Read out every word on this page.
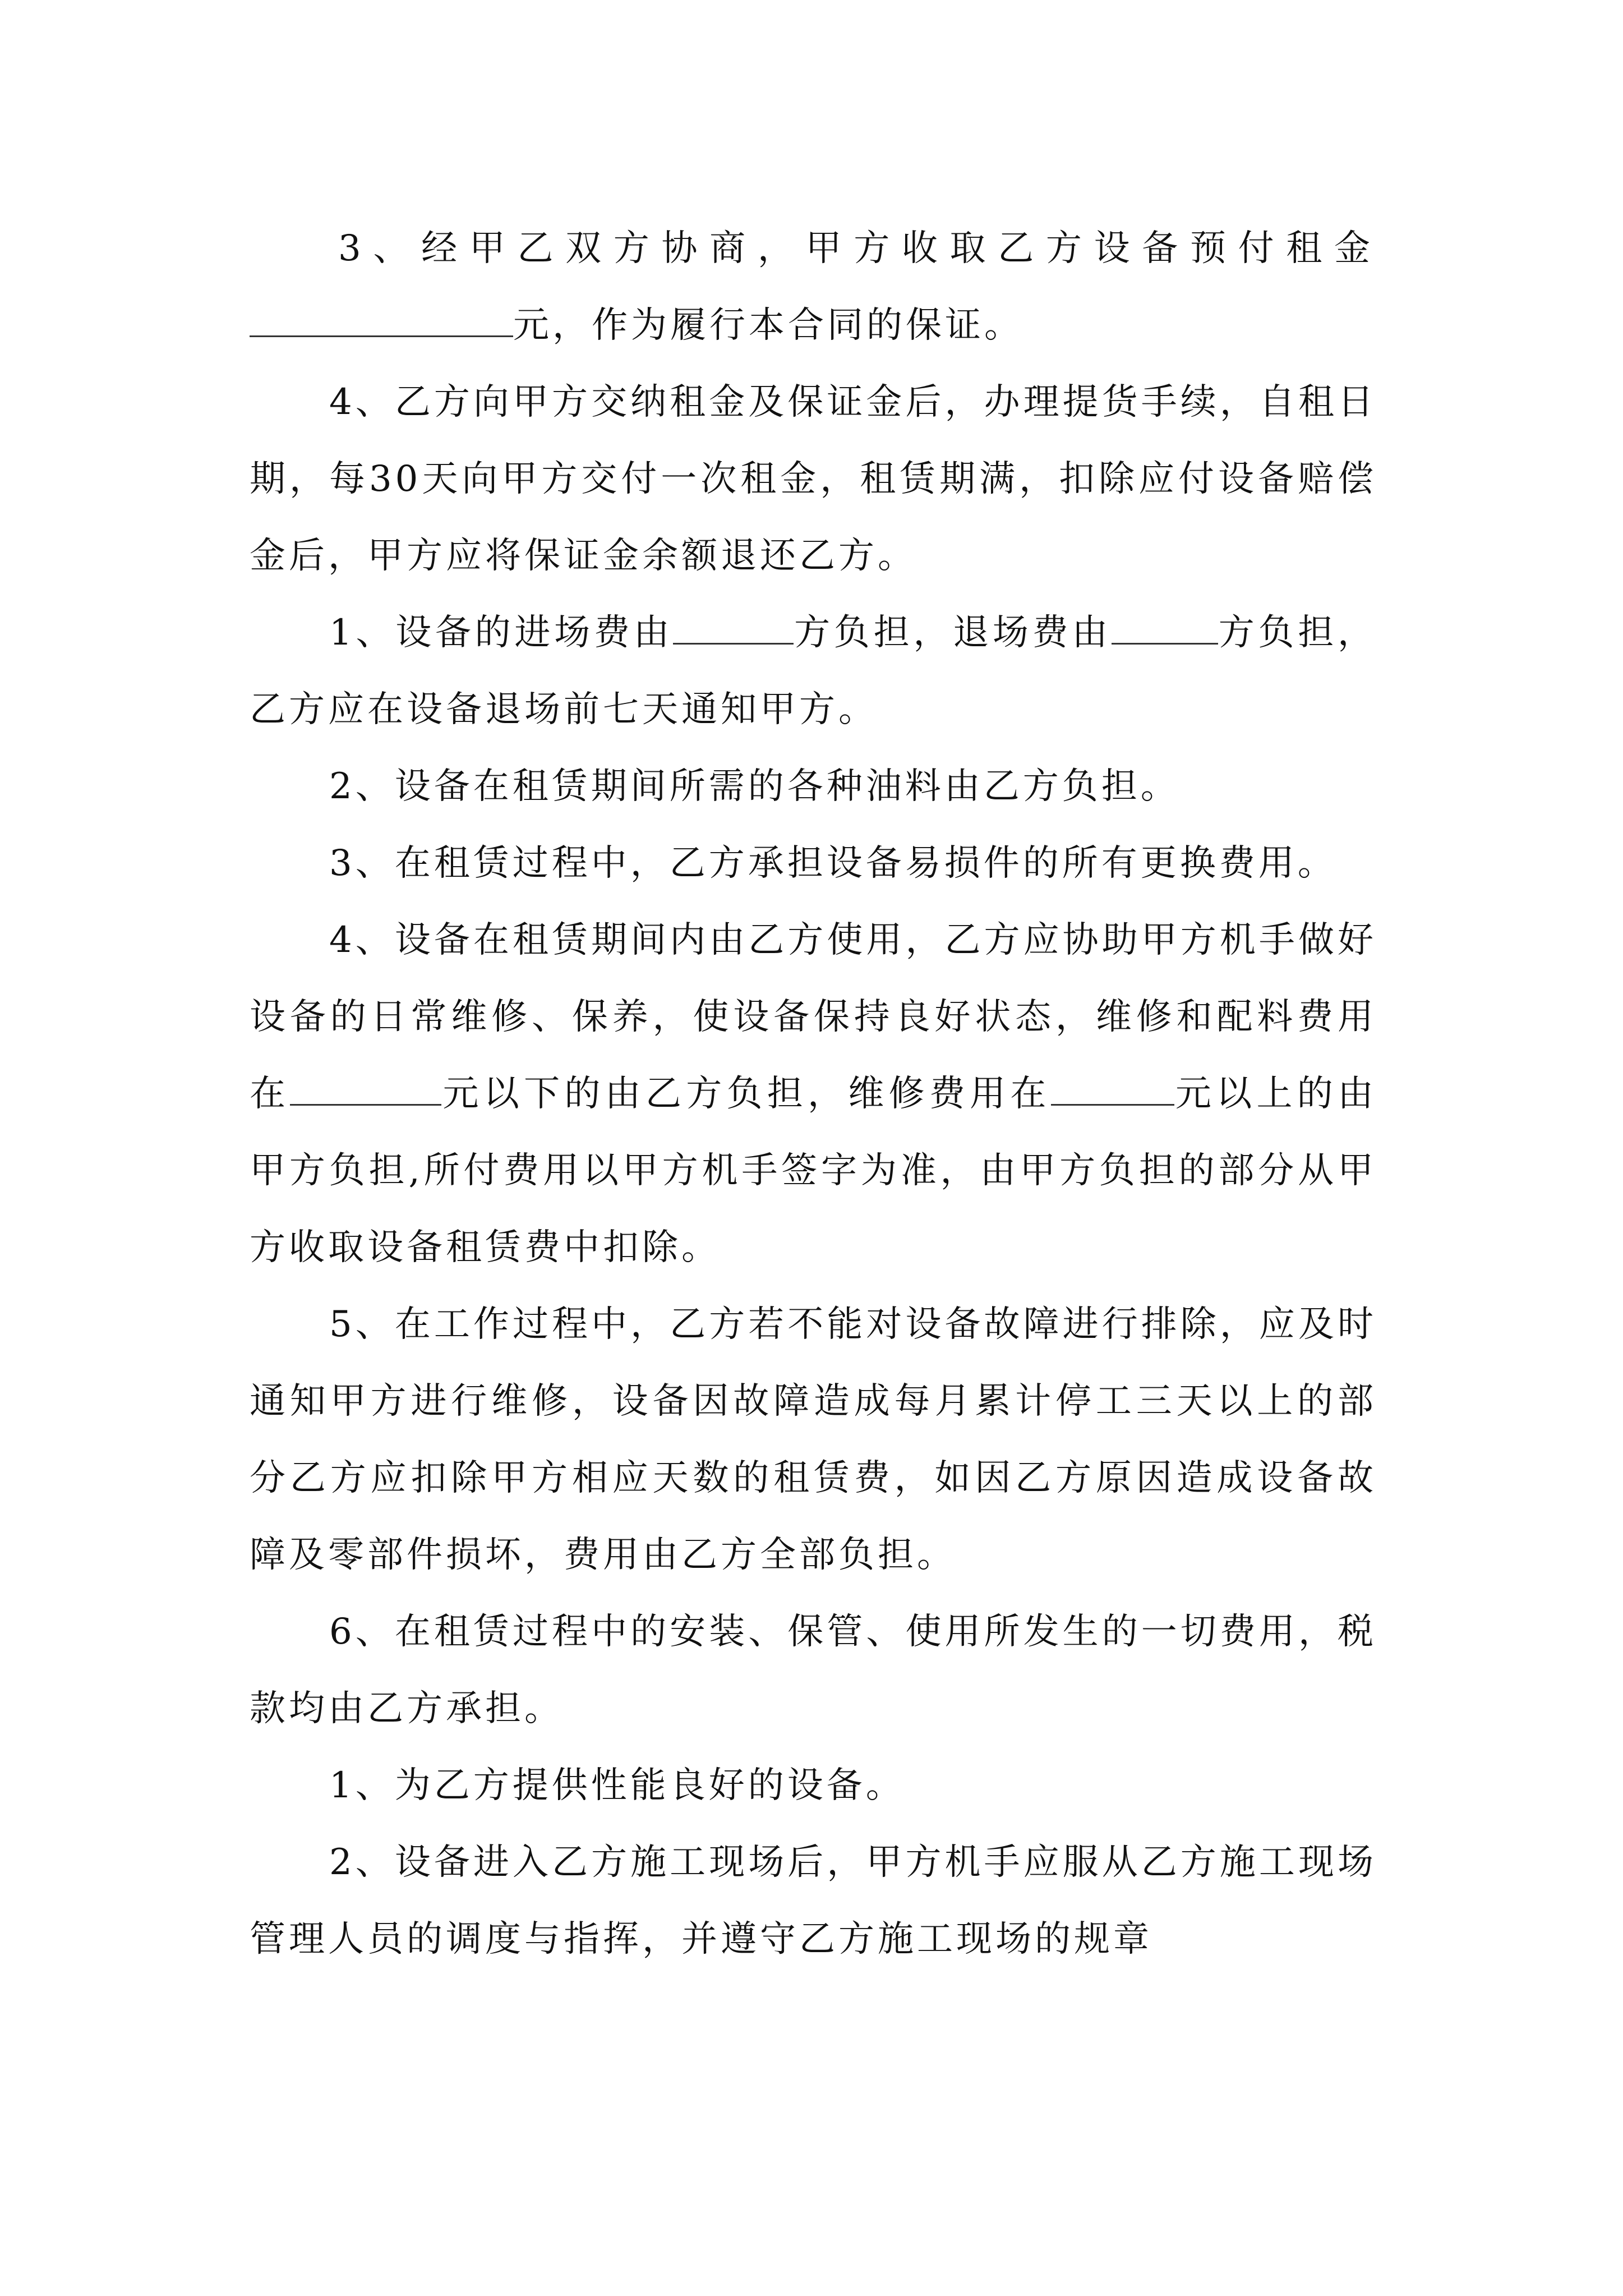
3、经甲乙双方协商，甲方收取乙方设备预付租金

元，作为履行本合同的保证。

4、乙方向甲方交纳租金及保证金后，办理提货手续，自租日期，每30天向甲方交付一次租金，租赁期满，扣除应付设备赔偿金后，甲方应将保证金余额退还乙方。

1、设备的进场费由	方负担，退场费由	方负担，乙方应在设备退场前七天通知甲方。

2、设备在租赁期间所需的各种油料由乙方负担。

3、在租赁过程中，乙方承担设备易损件的所有更换费用。

4、设备在租赁期间内由乙方使用，乙方应协助甲方机手做好设备的日常维修、保养，使设备保持良好状态，维修和配料费用在	元以下的由乙方负担，维修费用在	元以上的由甲方负担,所付费用以甲方机手签字为准，由甲方负担的部分从甲方收取设备租赁费中扣除。

5、在工作过程中，乙方若不能对设备故障进行排除，应及时通知甲方进行维修，设备因故障造成每月累计停工三天以上的部分乙方应扣除甲方相应天数的租赁费，如因乙方原因造成设备故障及零部件损坏，费用由乙方全部负担。

6、在租赁过程中的安装、保管、使用所发生的一切费用，税款均由乙方承担。

1、为乙方提供性能良好的设备。

2、设备进入乙方施工现场后，甲方机手应服从乙方施工现场管理人员的调度与指挥，并遵守乙方施工现场的规章
